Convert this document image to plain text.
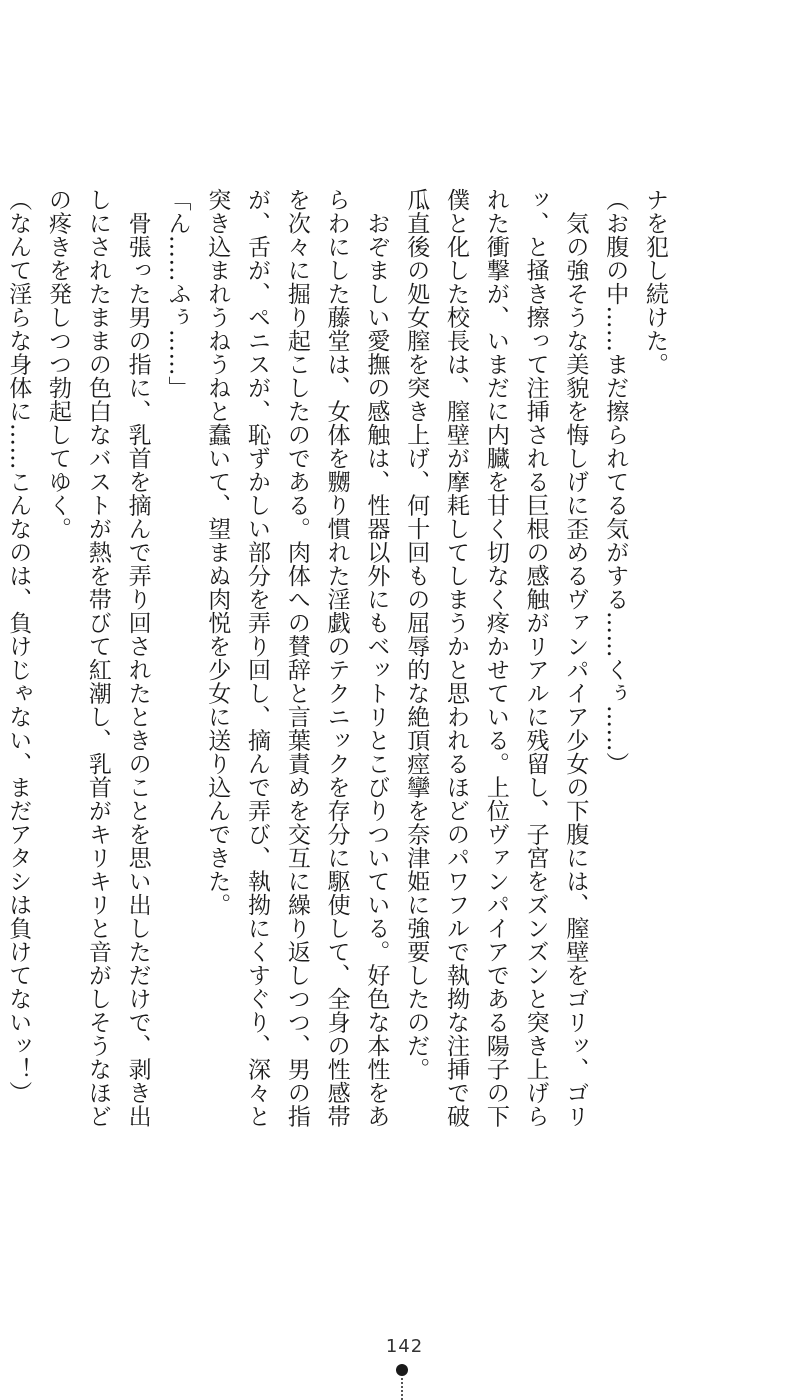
ナを犯し続けた。

（お腹の中……まだ擦られてる気がする……くぅ……）

　気の強そうな美貌を悔しげに歪めるヴァンパイア少女の下腹には、膣壁をゴリッ、ゴリ

ッ、と掻き擦って注挿される巨根の感触がリアルに残留し、子宮をズンズンと突き上げら

れた衝撃が、いまだに内臓を甘く切なく疼かせている。上位ヴァンパイアである陽子の下

僕と化した校長は、膣壁が摩耗してしまうかと思われるほどのパワフルで執拗な注挿で破

瓜直後の処女膣を突き上げ、何十回もの屈辱的な絶頂痙攣を奈津姫に強要したのだ。

　おぞましい愛撫の感触は、性器以外にもベットリとこびりついている。好色な本性をあ

らわにした藤堂は、女体を嬲り慣れた淫戯のテクニックを存分に駆使して、全身の性感帯

を次々に掘り起こしたのである。肉体への賛辞と言葉責めを交互に繰り返しつつ、男の指

が、舌が、ペニスが、恥ずかしい部分を弄り回し、摘んで弄び、執拗にくすぐり、深々と

突き込まれうねうねと蠢いて、望まぬ肉悦を少女に送り込んできた。

「ん……ふぅ……」

　骨張った男の指に、乳首を摘んで弄り回されたときのことを思い出しただけで、剥き出

しにされたままの色白なバストが熱を帯びて紅潮し、乳首がキリキリと音がしそうなほど

の疼きを発しつつ勃起してゆく。

（なんて淫らな身体に……こんなのは、負けじゃない、まだアタシは負けてないッ！）

142
